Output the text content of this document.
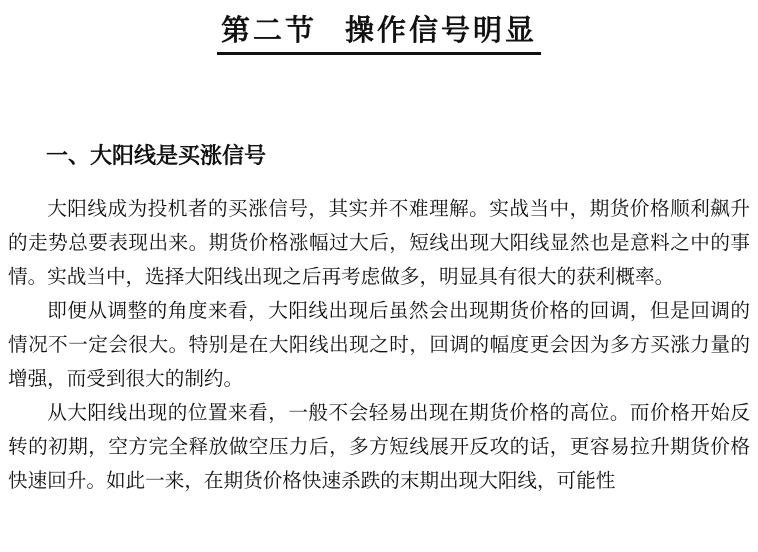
第二节 操作信号明显
一、大阳线是买涨信号

大阳线成为投机者的买涨信号，其实并不难理解。实战当中，期货价格顺利飙升的走势总要表现出来。期货价格涨幅过大后，短线出现大阳线显然也是意料之中的事情。实战当中，选择大阳线出现之后再考虑做多，明显具有很大的获利概率。

即便从调整的角度来看，大阳线出现后虽然会出现期货价格的回调，但是回调的情况不一定会很大。特别是在大阳线出现之时，回调的幅度更会因为多方买涨力量的增强，而受到很大的制约。

从大阳线出现的位置来看，一般不会轻易出现在期货价格的高位。而价格开始反转的初期，空方完全释放做空压力后，多方短线展开反攻的话，更容易拉升期货价格快速回升。如此一来，在期货价格快速杀跌的末期出现大阳线，可能性
